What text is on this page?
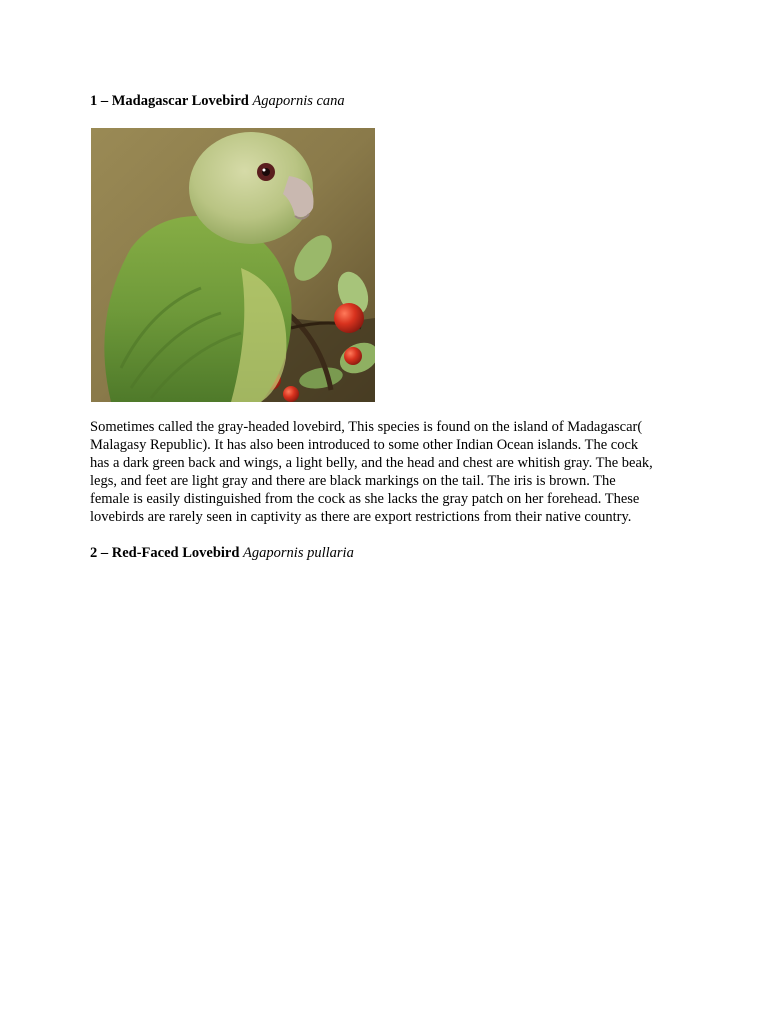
1 – Madagascar Lovebird Agapornis cana
Sometimes called the gray-headed lovebird, This species is found on the island of Madagascar(
Malagasy Republic). It has also been introduced to some other Indian Ocean islands. The cock
has a dark green back and wings, a light belly, and the head and chest are whitish gray. The beak,
legs, and feet are light gray and there are black markings on the tail. The iris is brown. The
female is easily distinguished from the cock as she lacks the gray patch on her forehead. These
lovebirds are rarely seen in captivity as there are export restrictions from their native country.
2 – Red-Faced Lovebird Agapornis pullaria
